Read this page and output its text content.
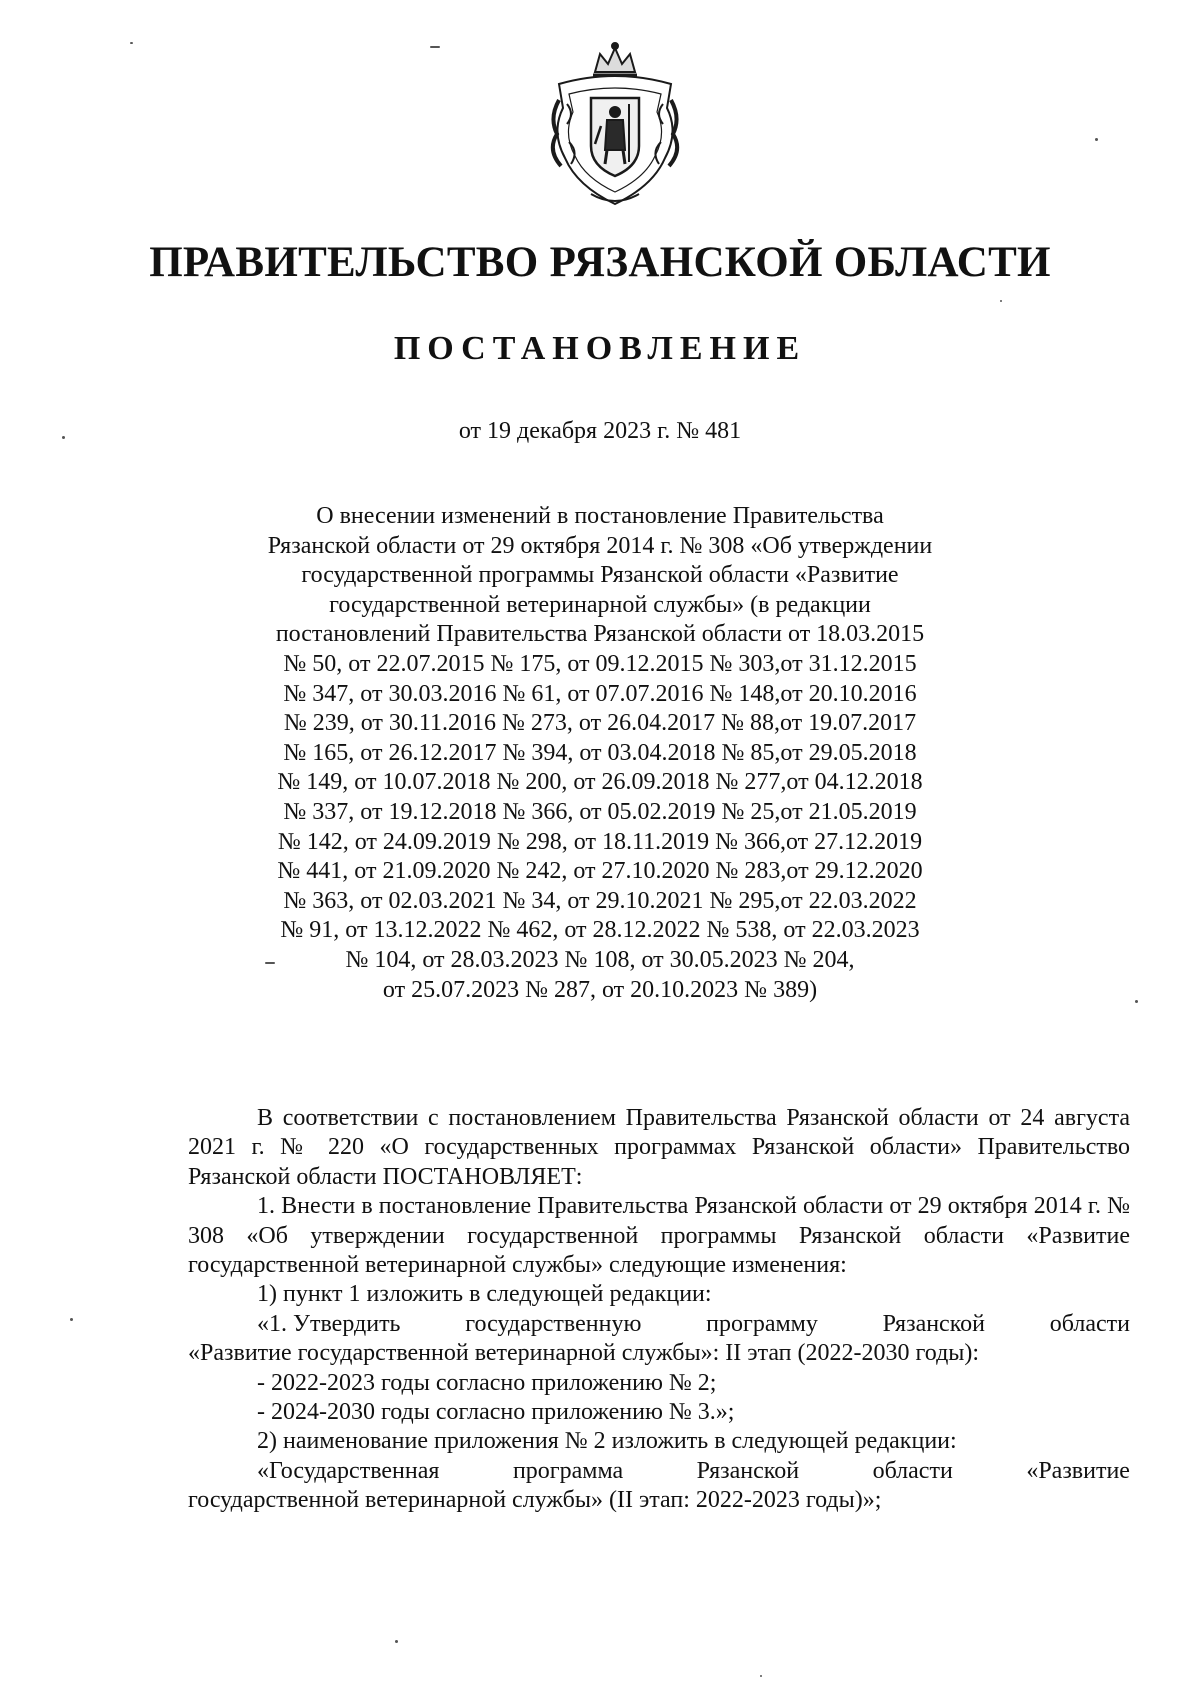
ПРАВИТЕЛЬСТВО РЯЗАНСКОЙ ОБЛАСТИ
ПОСТАНОВЛЕНИЕ
от 19 декабря 2023 г. № 481
О внесении изменений в постановление Правительства
Рязанской области от 29 октября 2014 г. № 308 «Об утверждении
государственной программы Рязанской области «Развитие
государственной ветеринарной службы» (в редакции
постановлений Правительства Рязанской области от 18.03.2015
№ 50, от 22.07.2015 № 175, от 09.12.2015 № 303,от 31.12.2015
№ 347, от 30.03.2016 № 61, от 07.07.2016 № 148,от 20.10.2016
№ 239, от 30.11.2016 № 273, от 26.04.2017 № 88,от 19.07.2017
№ 165, от 26.12.2017 № 394, от 03.04.2018 № 85,от 29.05.2018
№ 149, от 10.07.2018 № 200, от 26.09.2018 № 277,от 04.12.2018
№ 337, от 19.12.2018 № 366, от 05.02.2019 № 25,от 21.05.2019
№ 142, от 24.09.2019 № 298, от 18.11.2019 № 366,от 27.12.2019
№ 441, от 21.09.2020 № 242, от 27.10.2020 № 283,от 29.12.2020
№ 363, от 02.03.2021 № 34, от 29.10.2021 № 295,от 22.03.2022
№ 91, от 13.12.2022 № 462, от 28.12.2022 № 538, от 22.03.2023
№ 104, от 28.03.2023 № 108, от 30.05.2023 № 204,
от 25.07.2023 № 287, от 20.10.2023 № 389)
В соответствии с постановлением Правительства Рязанской области от 24 августа 2021 г. № 220 «О государственных программах Рязанской области» Правительство Рязанской области ПОСТАНОВЛЯЕТ:
1. Внести в постановление Правительства Рязанской области от 29 октября 2014 г. № 308 «Об утверждении государственной программы Рязанской области «Развитие государственной ветеринарной службы» следующие изменения:
1) пункт 1 изложить в следующей редакции:
«1. Утвердить	государственную	программу	Рязанской	области
«Развитие государственной ветеринарной службы»: II этап (2022-2030 годы):
- 2022-2023 годы согласно приложению № 2;
- 2024-2030 годы согласно приложению № 3.»;
2) наименование приложения № 2 изложить в следующей редакции:
«Государственная	программа	Рязанской	области	«Развитие
государственной ветеринарной службы» (II этап: 2022-2023 годы)»;
